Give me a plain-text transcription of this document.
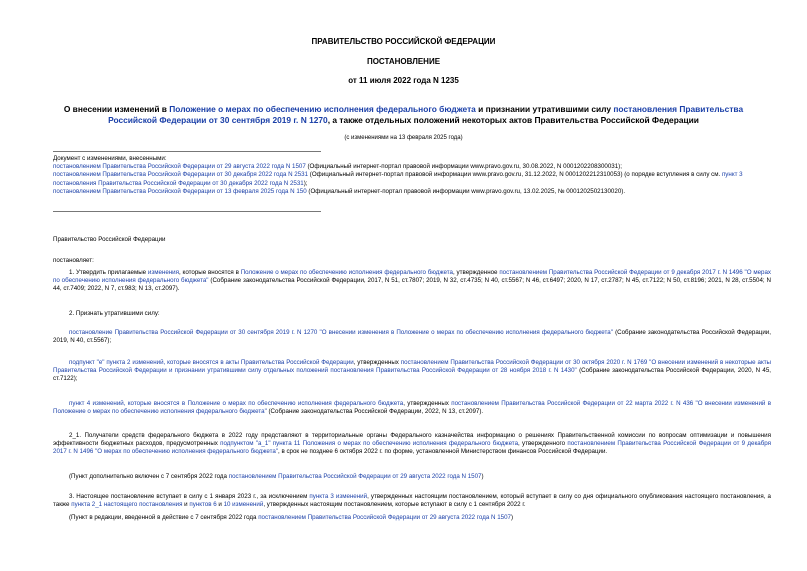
ПРАВИТЕЛЬСТВО РОССИЙСКОЙ ФЕДЕРАЦИИ
ПОСТАНОВЛЕНИЕ
от 11 июля 2022 года N 1235
О внесении изменений в Положение о мерах по обеспечению исполнения федерального бюджета и признании утратившими силу постановления Правительства Российской Федерации от 30 сентября 2019 г. N 1270, а также отдельных положений некоторых актов Правительства Российской Федерации
(с изменениями на 13 февраля 2025 года)
Документ с изменениями, внесенными:
постановлением Правительства Российской Федерации от 29 августа 2022 года N 1507 (Официальный интернет-портал правовой информации www.pravo.gov.ru, 30.08.2022, N 0001202208300031);
постановлением Правительства Российской Федерации от 30 декабря 2022 года N 2531 (Официальный интернет-портал правовой информации www.pravo.gov.ru, 31.12.2022, N 0001202212310053) (о порядке вступления в силу см. пункт 3 постановления Правительства Российской Федерации от 30 декабря 2022 года N 2531);
постановлением Правительства Российской Федерации от 13 февраля 2025 года N 150 (Официальный интернет-портал правовой информации www.pravo.gov.ru, 13.02.2025, № 0001202502130020).
Правительство Российской Федерации
постановляет:
1. Утвердить прилагаемые изменения, которые вносятся в Положение о мерах по обеспечению исполнения федерального бюджета, утвержденное постановлением Правительства Российской Федерации от 9 декабря 2017 г. N 1496 "О мерах по обеспечению исполнения федерального бюджета" (Собрание законодательства Российской Федерации, 2017, N 51, ст.7807; 2019, N 32, ст.4735; N 40, ст.5567; N 46, ст.6497; 2020, N 17, ст.2787; N 45, ст.7122; N 50, ст.8196; 2021, N 28, ст.5504; N 44, ст.7409; 2022, N 7, ст.983; N 13, ст.2097).
2. Признать утратившими силу:
постановление Правительства Российской Федерации от 30 сентября 2019 г. N 1270 "О внесении изменения в Положение о мерах по обеспечению исполнения федерального бюджета" (Собрание законодательства Российской Федерации, 2019, N 40, ст.5567);
подпункт "е" пункта 2 изменений, которые вносятся в акты Правительства Российской Федерации, утвержденных постановлением Правительства Российской Федерации от 30 октября 2020 г. N 1769 "О внесении изменений в некоторые акты Правительства Российской Федерации и признании утратившими силу отдельных положений постановления Правительства Российской Федерации от 28 ноября 2018 г. N 1430" (Собрание законодательства Российской Федерации, 2020, N 45, ст.7122);
пункт 4 изменений, которые вносятся в Положение о мерах по обеспечению исполнения федерального бюджета, утвержденных постановлением Правительства Российской Федерации от 22 марта 2022 г. N 436 "О внесении изменений в Положение о мерах по обеспечению исполнения федерального бюджета" (Собрание законодательства Российской Федерации, 2022, N 13, ст.2097).
2_1. Получатели средств федерального бюджета в 2022 году представляют в территориальные органы Федерального казначейства информацию о решениях Правительственной комиссии по вопросам оптимизации и повышения эффективности бюджетных расходов, предусмотренных подпунктом "а_1" пункта 11 Положения о мерах по обеспечению исполнения федерального бюджета, утвержденного постановлением Правительства Российской Федерации от 9 декабря 2017 г. N 1496 "О мерах по обеспечению исполнения федерального бюджета", в срок не позднее 6 октября 2022 г. по форме, установленной Министерством финансов Российской Федерации.
(Пункт дополнительно включен с 7 сентября 2022 года постановлением Правительства Российской Федерации от 29 августа 2022 года N 1507)
3. Настоящее постановление вступает в силу с 1 января 2023 г., за исключением пункта 3 изменений, утвержденных настоящим постановлением, который вступает в силу со дня официального опубликования настоящего постановления, а также пункта 2_1 настоящего постановления и пунктов 6 и 10 изменений, утвержденных настоящим постановлением, которые вступают в силу с 1 сентября 2022 г.
(Пункт в редакции, введенной в действие с 7 сентября 2022 года постановлением Правительства Российской Федерации от 29 августа 2022 года N 1507)
